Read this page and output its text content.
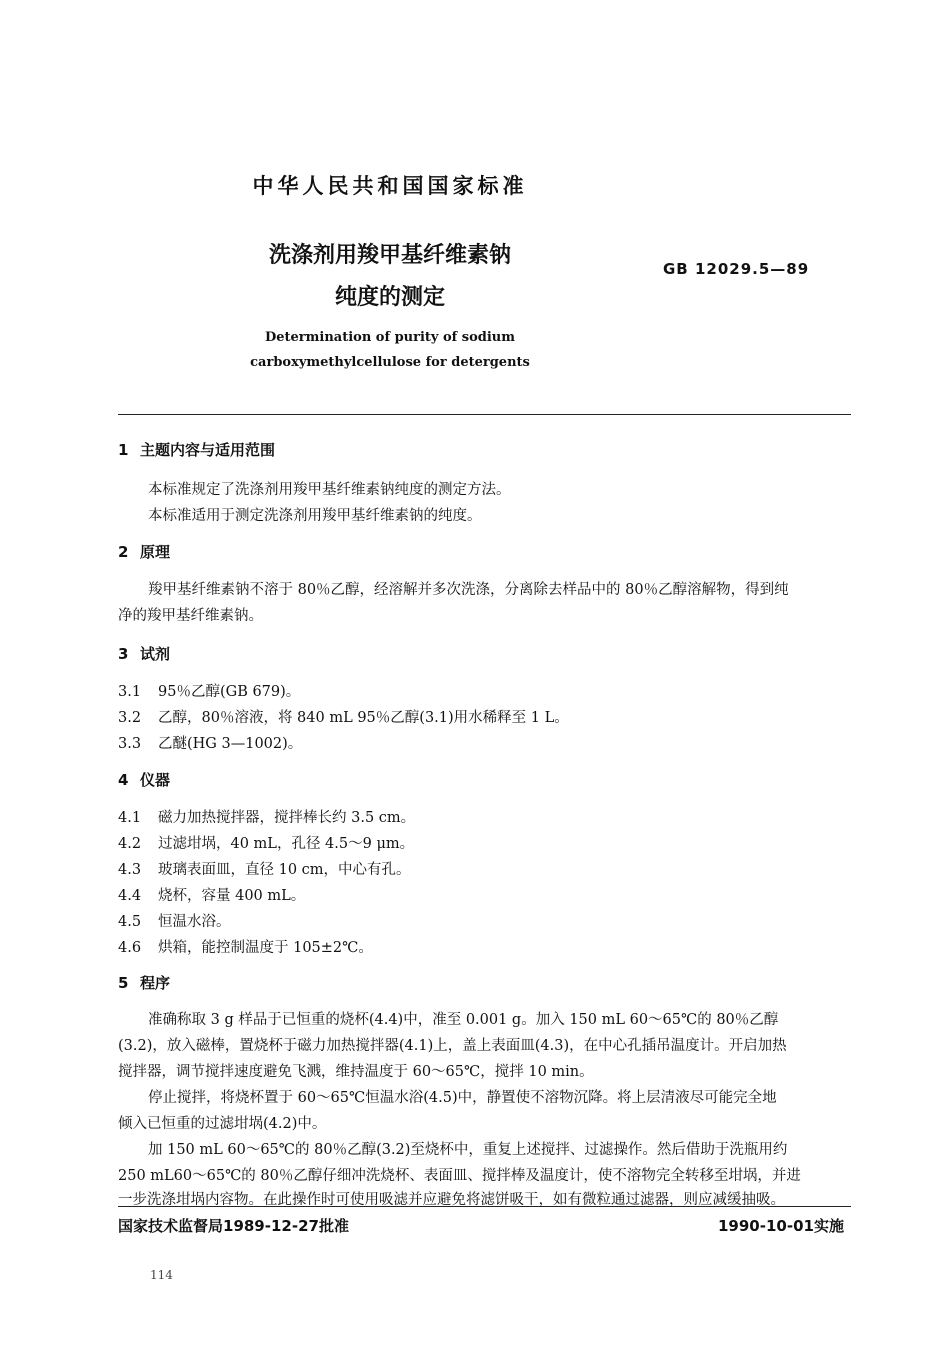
中华人民共和国国家标准
洗涤剂用羧甲基纤维素钠
纯度的测定
GB 12029.5—89
Determination of purity of sodium
carboxymethylcellulose for detergents
1 主题内容与适用范围
本标准规定了洗涤剂用羧甲基纤维素钠纯度的测定方法。
本标准适用于测定洗涤剂用羧甲基纤维素钠的纯度。
2 原理
羧甲基纤维素钠不溶于 80％乙醇，经溶解并多次洗涤，分离除去样品中的 80％乙醇溶解物，得到纯
净的羧甲基纤维素钠。
3 试剂
3.1 95％乙醇(GB 679)。
3.2 乙醇，80％溶液，将 840 mL 95％乙醇(3.1)用水稀释至 1 L。
3.3 乙醚(HG 3—1002)。
4 仪器
4.1 磁力加热搅拌器，搅拌棒长约 3.5 cm。
4.2 过滤坩埚，40 mL，孔径 4.5～9 μm。
4.3 玻璃表面皿，直径 10 cm，中心有孔。
4.4 烧杯，容量 400 mL。
4.5 恒温水浴。
4.6 烘箱，能控制温度于 105±2℃。
5 程序
准确称取 3 g 样品于已恒重的烧杯(4.4)中，准至 0.001 g。加入 150 mL 60～65℃的 80％乙醇
(3.2)，放入磁棒，置烧杯于磁力加热搅拌器(4.1)上，盖上表面皿(4.3)，在中心孔插吊温度计。开启加热
搅拌器，调节搅拌速度避免飞溅，维持温度于 60～65℃，搅拌 10 min。
停止搅拌，将烧杯置于 60～65℃恒温水浴(4.5)中，静置使不溶物沉降。将上层清液尽可能完全地
倾入已恒重的过滤坩埚(4.2)中。
加 150 mL 60～65℃的 80％乙醇(3.2)至烧杯中，重复上述搅拌、过滤操作。然后借助于洗瓶用约
250 mL60～65℃的 80％乙醇仔细冲洗烧杯、表面皿、搅拌棒及温度计，使不溶物完全转移至坩埚，并进
一步洗涤坩埚内容物。在此操作时可使用吸滤并应避免将滤饼吸干，如有微粒通过滤器，则应减缓抽吸。
国家技术监督局1989-12-27批准	1990-10-01实施
114
